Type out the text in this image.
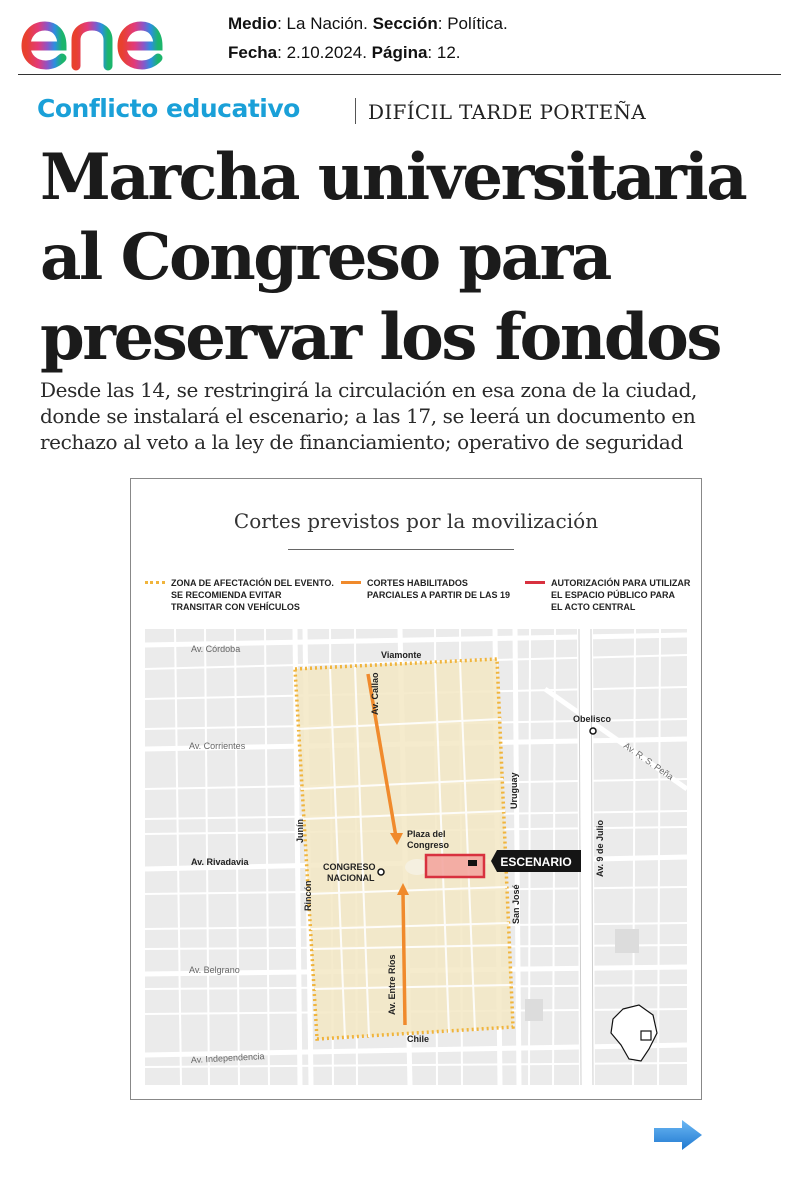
Medio: La Nación. Sección: Política.
Fecha: 2.10.2024. Página: 12.
Conflicto educativo	DIFÍCIL TARDE PORTEÑA
Marcha universitaria
al Congreso para
preservar los fondos
Desde las 14, se restringirá la circulación en esa zona de la ciudad,
donde se instalará el escenario; a las 17, se leerá un documento en
rechazo al veto a la ley de financiamiento; operativo de seguridad
Cortes previstos por la movilización
ZONA DE AFECTACIÓN DEL EVENTO.
SE RECOMIENDA EVITAR
TRANSITAR CON VEHÍCULOS
CORTES HABILITADOS
PARCIALES A PARTIR DE LAS 19
AUTORIZACIÓN PARA UTILIZAR
EL ESPACIO PÚBLICO PARA
EL ACTO CENTRAL
ESCENARIO
Av. Córdoba
Av. Corrientes
Av. Belgrano
Av. Independencia
Av. R. S. Peña
Viamonte
Av. Callao
Uruguay
Junín
Av. Rivadavia
Rincón	San José
Av. Entre Ríos
Chile
Av. 9 de Julio
Obelisco
Plaza del
Congreso
CONGRESO
NACIONAL
